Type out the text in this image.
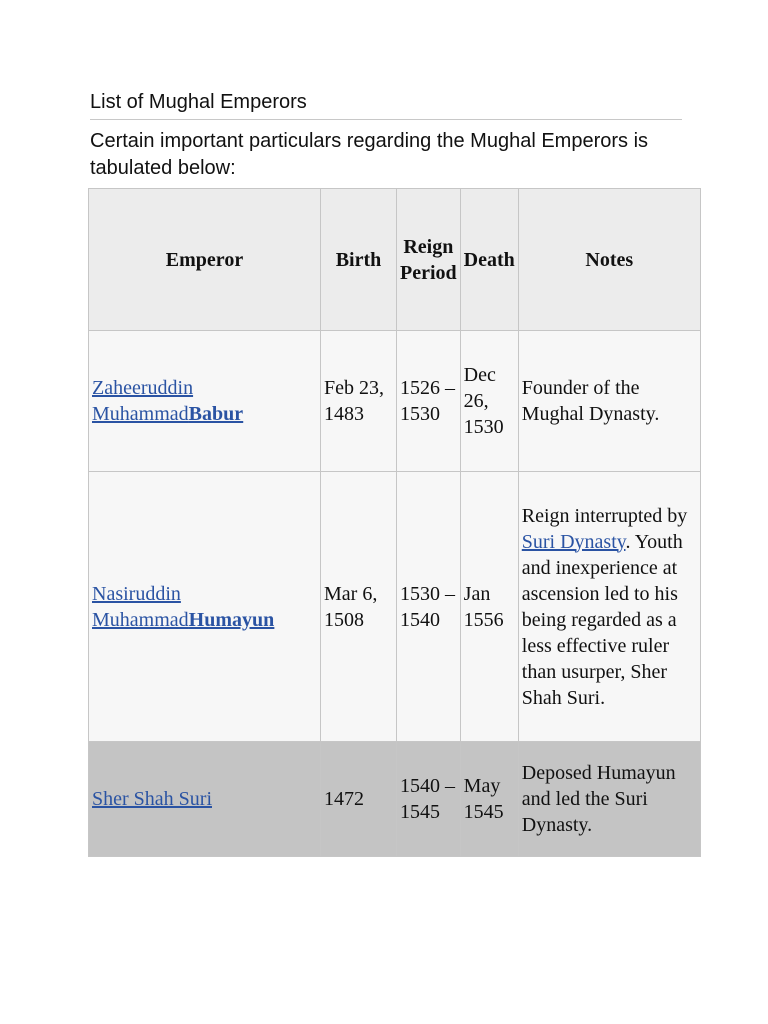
List of Mughal Emperors
Certain important particulars regarding the Mughal Emperors is tabulated below:
Emperor	Birth	Reign Period	Death	Notes
Zaheeruddin MuhammadBabur	Feb 23, 1483	1526 – 1530	Dec 26, 1530	Founder of the Mughal Dynasty.
Nasiruddin MuhammadHumayun	Mar 6, 1508	1530 – 1540	Jan 1556	Reign interrupted by Suri Dynasty. Youth and inexperience at ascension led to his being regarded as a less effective ruler than usurper, Sher Shah Suri.
Sher Shah Suri	1472	1540 – 1545	May 1545	Deposed Humayun and led the Suri Dynasty.
